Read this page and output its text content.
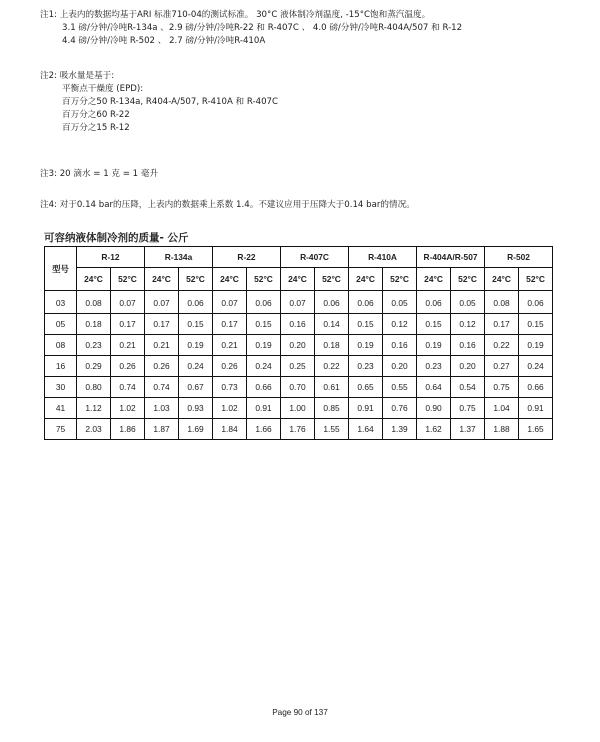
注1: 上表内的数据均基于ARI 标准710-04的测试标准。 30°C 液体制冷剂温度, -15°C饱和蒸汽温度。
3.1 磅/分钟/冷吨R-134a 、2.9 磅/分钟/冷吨R-22 和 R-407C 、 4.0 磅/分钟/冷吨R-404A/507 和 R-12
4.4 磅/分钟/冷吨 R-502 、 2.7 磅/分钟/冷吨R-410A
注2: 吸水量是基于:
平衡点干燥度 (EPD):
百万分之50 R-134a, R404-A/507, R-410A 和 R-407C
百万分之60 R-22
百万分之15 R-12
注3: 20 滴水 = 1 克 = 1 毫升
注4: 对于0.14 bar的压降，上表内的数据乘上系数 1.4。不建议应用于压降大于0.14 bar的情况。
可容纳液体制冷剂的质量- 公斤
型号	R-12		R-134a		R-22		R-407C		R-410A		R-404A/R-507		R-502	
	24°C	52°C	24°C	52°C	24°C	52°C	24°C	52°C	24°C	52°C	24°C	52°C	24°C	52°C
03	0.08	0.07	0.07	0.06	0.07	0.06	0.07	0.06	0.06	0.05	0.06	0.05	0.08	0.06
05	0.18	0.17	0.17	0.15	0.17	0.15	0.16	0.14	0.15	0.12	0.15	0.12	0.17	0.15
08	0.23	0.21	0.21	0.19	0.21	0.19	0.20	0.18	0.19	0.16	0.19	0.16	0.22	0.19
16	0.29	0.26	0.26	0.24	0.26	0.24	0.25	0.22	0.23	0.20	0.23	0.20	0.27	0.24
30	0.80	0.74	0.74	0.67	0.73	0.66	0.70	0.61	0.65	0.55	0.64	0.54	0.75	0.66
41	1.12	1.02	1.03	0.93	1.02	0.91	1.00	0.85	0.91	0.76	0.90	0.75	1.04	0.91
75	2.03	1.86	1.87	1.69	1.84	1.66	1.76	1.55	1.64	1.39	1.62	1.37	1.88	1.65
Page 90 of 137
